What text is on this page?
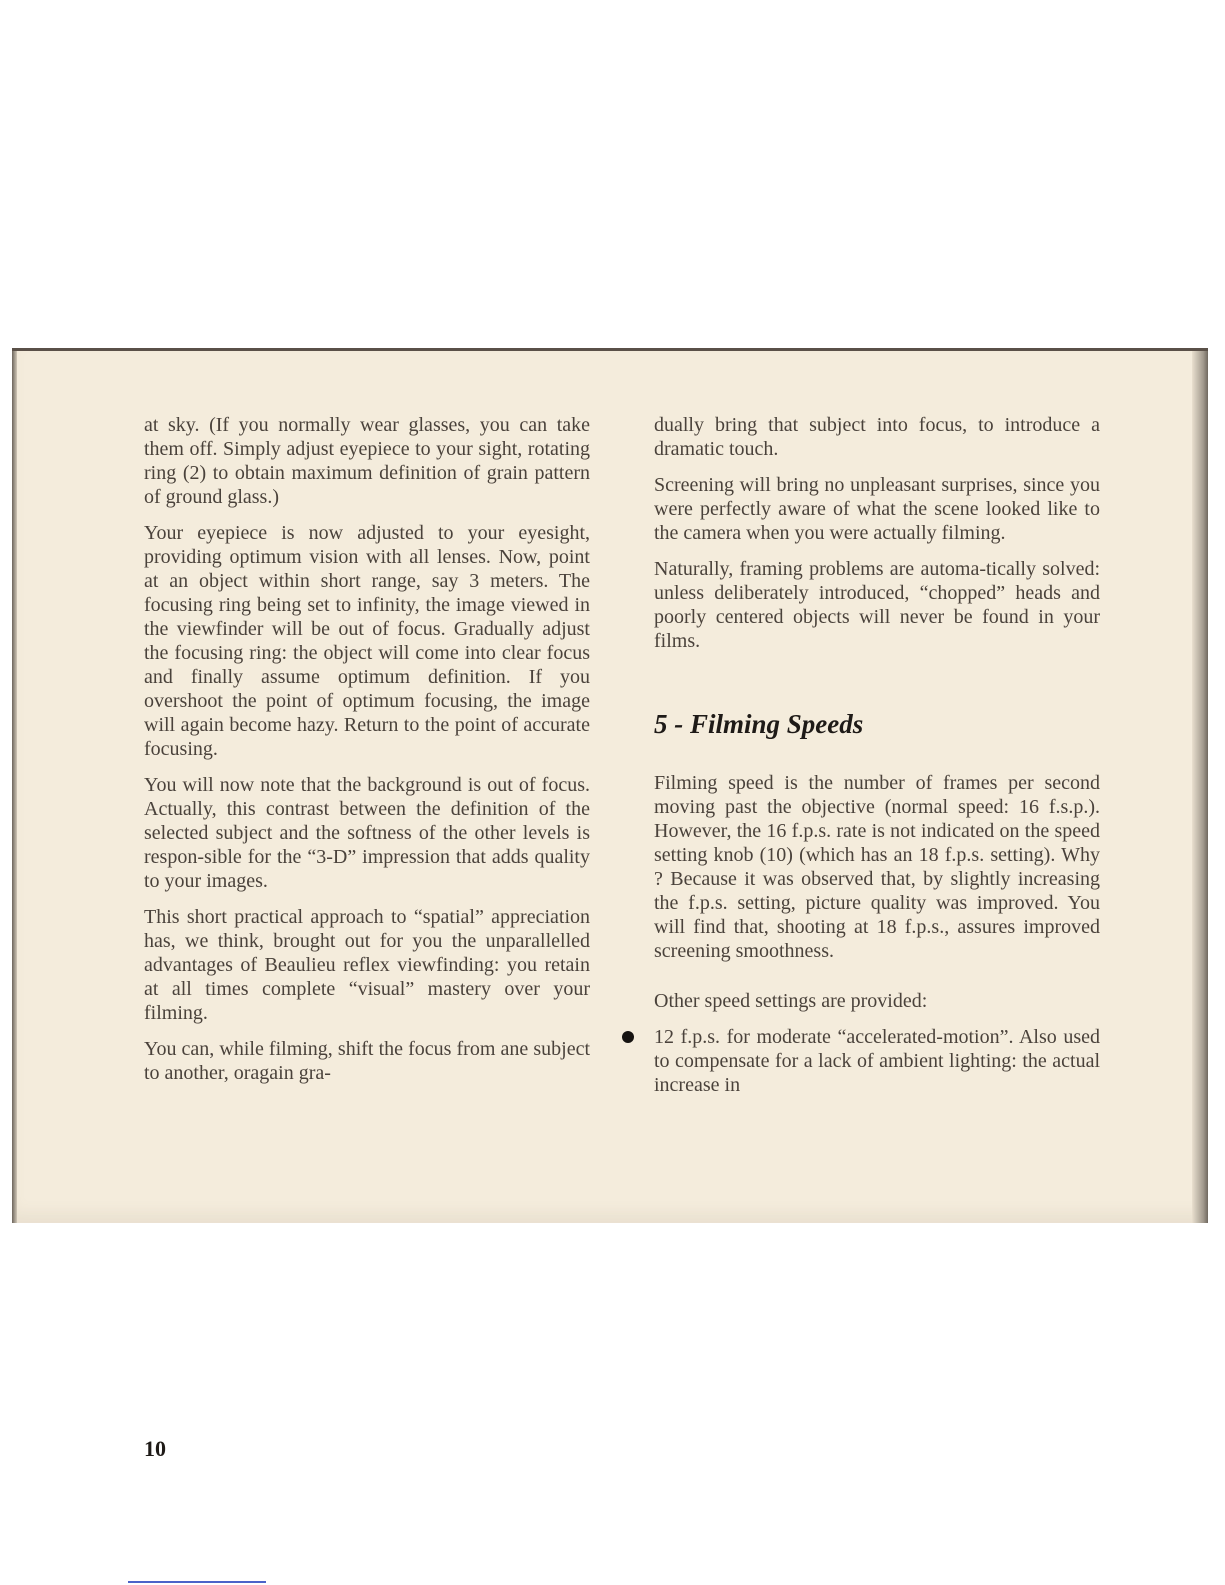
at sky. (If you normally wear glasses, you can take them off. Simply adjust eyepiece to your sight, rotating ring (2) to obtain maximum definition of grain pattern of ground glass.)

Your eyepiece is now adjusted to your eyesight, providing optimum vision with all lenses. Now, point at an object within short range, say 3 meters. The focusing ring being set to infinity, the image viewed in the viewfinder will be out of focus. Gradually adjust the focusing ring: the object will come into clear focus and finally assume optimum definition. If you overshoot the point of optimum focusing, the image will again become hazy. Return to the point of accurate focusing.

You will now note that the background is out of focus. Actually, this contrast between the definition of the selected subject and the softness of the other levels is respon-sible for the “3-D” impression that adds quality to your images.

This short practical approach to “spatial” appreciation has, we think, brought out for you the unparallelled advantages of Beaulieu reflex viewfinding: you retain at all times complete “visual” mastery over your filming.

You can, while filming, shift the focus from ane subject to another, oragain gra-

dually bring that subject into focus, to introduce a dramatic touch.

Screening will bring no unpleasant surprises, since you were perfectly aware of what the scene looked like to the camera when you were actually filming.

Naturally, framing problems are automa-tically solved: unless deliberately introduced, “chopped” heads and poorly centered objects will never be found in your films.

5 - Filming Speeds

Filming speed is the number of frames per second moving past the objective (normal speed: 16 f.s.p.). However, the 16 f.p.s. rate is not indicated on the speed setting knob (10) (which has an 18 f.p.s. setting). Why ? Because it was observed that, by slightly increasing the f.p.s. setting, picture quality was improved. You will find that, shooting at 18 f.p.s., assures improved screening smoothness.

Other speed settings are provided:

12 f.p.s. for moderate “accelerated-motion”. Also used to compensate for a lack of ambient lighting: the actual increase in

10
